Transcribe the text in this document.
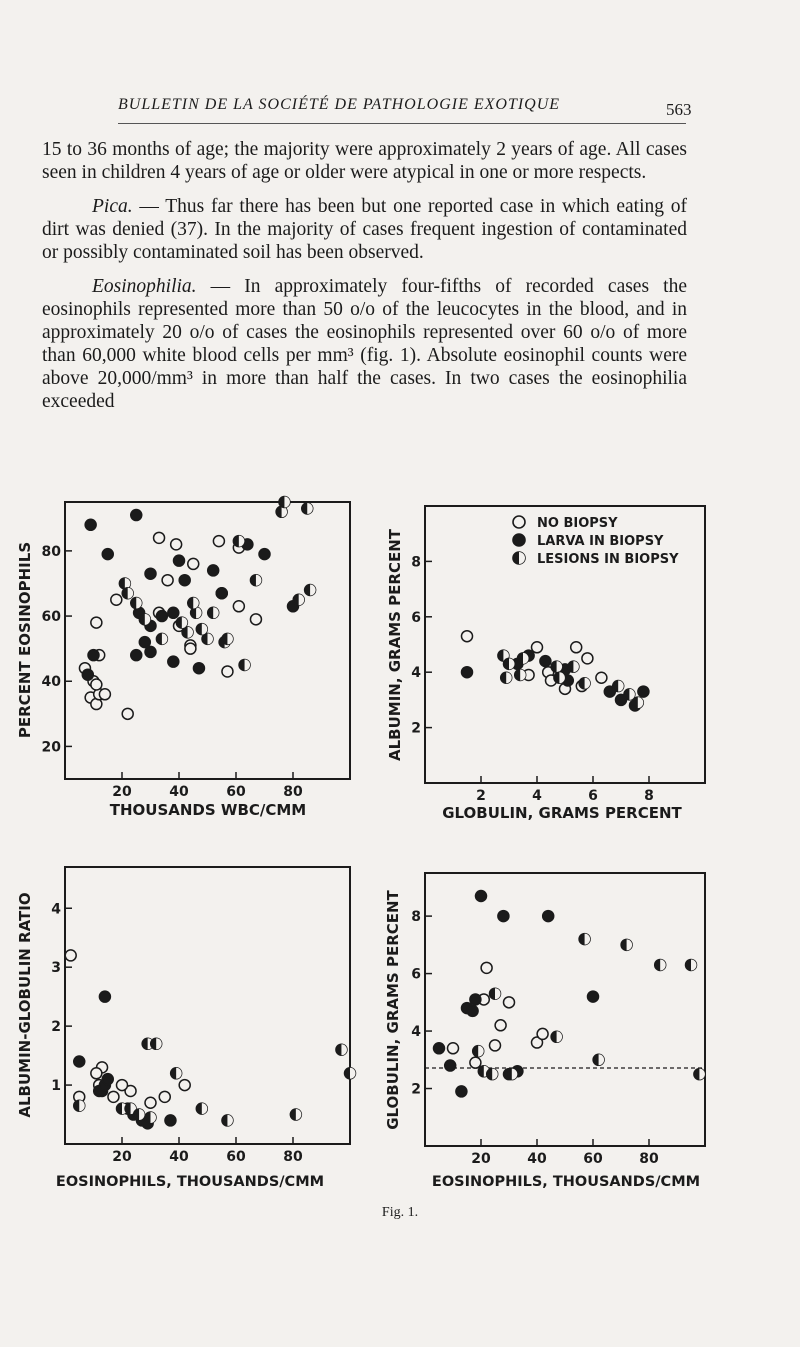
BULLETIN DE LA SOCIÉTÉ DE PATHOLOGIE EXOTIQUE	563

15 to 36 months of age; the majority were approximately 2 years of age. All cases seen in children 4 years of age or older were atypical in one or more respects.

Pica. — Thus far there has been but one reported case in which eating of dirt was denied (37). In the majority of cases frequent ingestion of contaminated or possibly contaminated soil has been observed.

Eosinophilia. — In approximately four-fifths of recorded cases the eosinophils represented more than 50 o/o of the leucocytes in the blood, and in approximately 20 o/o of cases the eosinophils represented over 60 o/o of more than 60,000 white blood cells per mm³ (fig. 1). Absolute eosinophil counts were above 20,000/mm³ in more than half the cases. In two cases the eosinophilia exceeded

PERCENT EOSINOPHILS
THOUSANDS WBC/CMM
ALBUMIN, GRAMS PERCENT
GLOBULIN, GRAMS PERCENT
ALBUMIN-GLOBULIN RATIO
EOSINOPHILS, THOUSANDS/CMM
GLOBULIN, GRAMS PERCENT
EOSINOPHILS, THOUSANDS/CMM
NO BIOPSY
LARVA IN BIOPSY
LESIONS IN BIOPSY
20	40	60	80
20
40
60
80
2	4	6	8
2
4
6
8
20	40	60	80
1
2
3
4
20	40	60	80
2
4
6
8
Fig. 1.
